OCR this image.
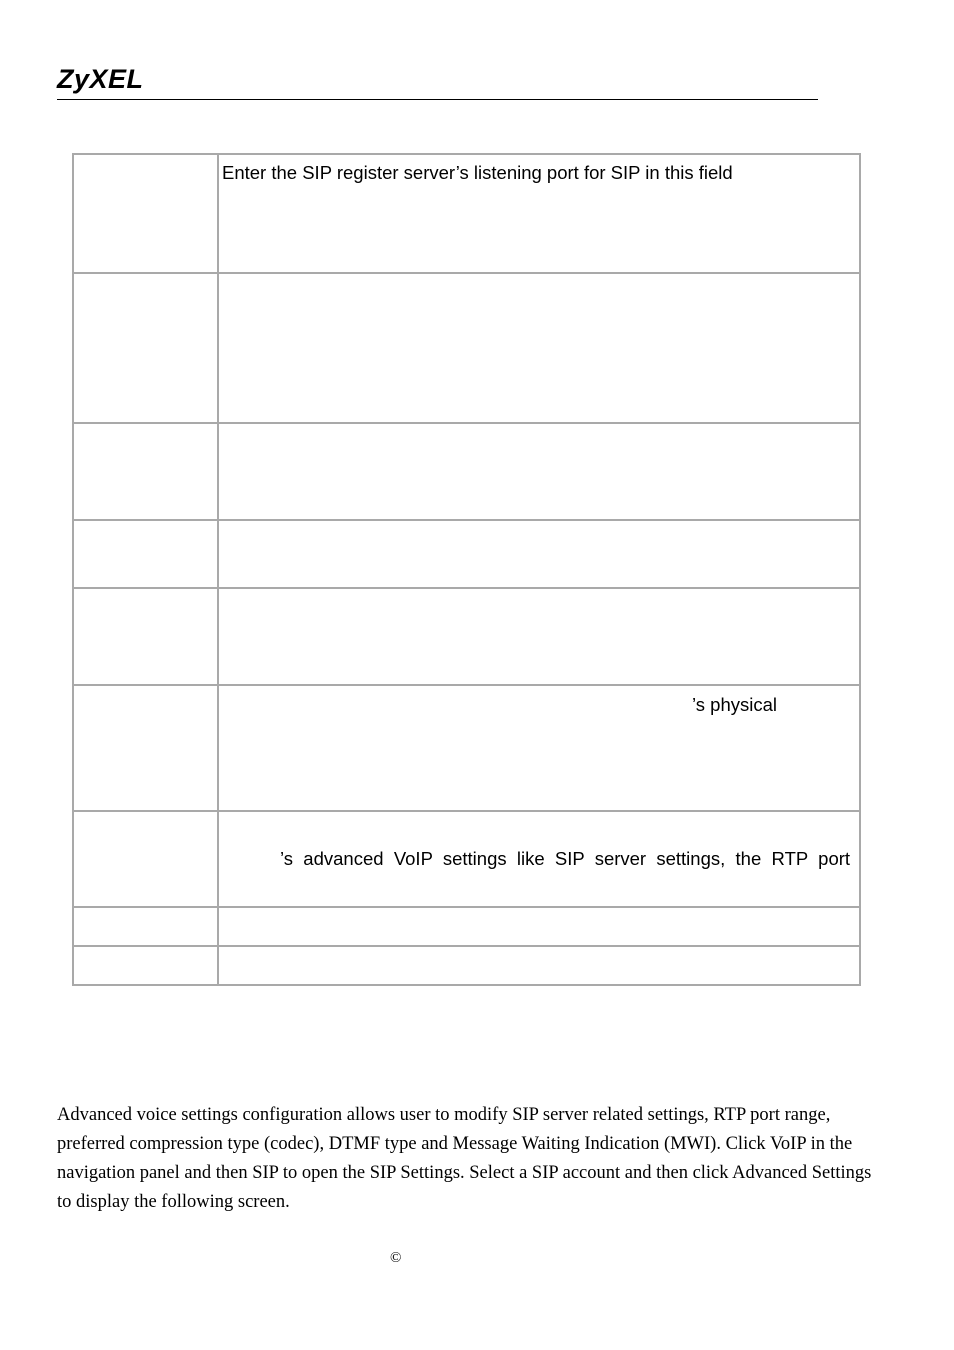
ZyXEL
Enter the SIP register server’s listening port for SIP in this field
’s physical
’s  advanced  VoIP  settings  like  SIP  server  settings,  the  RTP  port
Advanced voice settings configuration allows user to modify SIP server related settings, RTP port range,
preferred compression type (codec), DTMF type and Message Waiting Indication (MWI). Click VoIP in the
navigation panel and then SIP to open the SIP Settings. Select a SIP account and then click Advanced Settings
to display the following screen.
©
